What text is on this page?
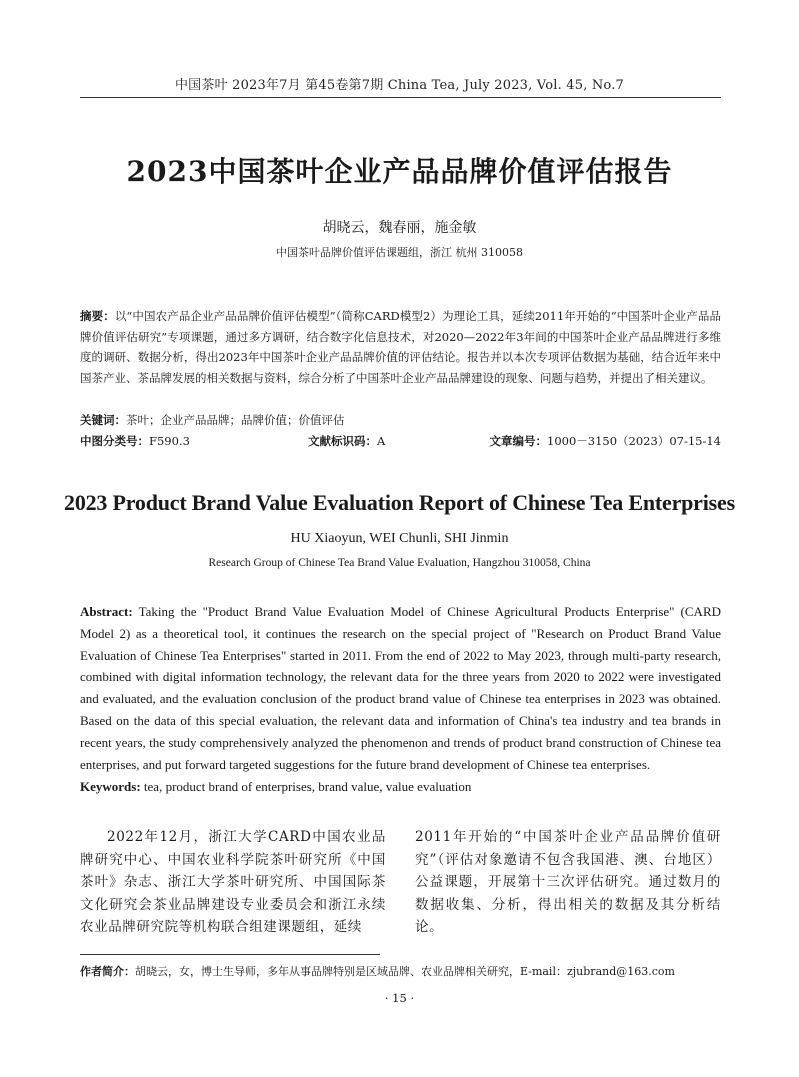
中国茶叶 2023年7月 第45卷第7期 China Tea, July 2023, Vol. 45, No.7
2023中国茶叶企业产品品牌价值评估报告
胡晓云，魏春丽，施金敏
中国茶叶品牌价值评估课题组，浙江 杭州 310058
摘要：以“中国农产品企业产品品牌价值评估模型”（简称CARD模型2）为理论工具，延续2011年开始的“中国茶叶企业产品品牌价值评估研究”专项课题，通过多方调研，结合数字化信息技术，对2020—2022年3年间的中国茶叶企业产品品牌进行多维度的调研、数据分析，得出2023年中国茶叶企业产品品牌价值的评估结论。报告并以本次专项评估数据为基础，结合近年来中国茶产业、茶品牌发展的相关数据与资料，综合分析了中国茶叶企业产品品牌建设的现象、问题与趋势，并提出了相关建议。
关键词：茶叶；企业产品品牌；品牌价值；价值评估
中图分类号：F590.3	文献标识码：A	文章编号：1000－3150（2023）07-15-14
2023 Product Brand Value Evaluation Report of Chinese Tea Enterprises
HU Xiaoyun, WEI Chunli, SHI Jinmin
Research Group of Chinese Tea Brand Value Evaluation, Hangzhou 310058, China
Abstract: Taking the "Product Brand Value Evaluation Model of Chinese Agricultural Products Enterprise" (CARD Model 2) as a theoretical tool, it continues the research on the special project of "Research on Product Brand Value Evaluation of Chinese Tea Enterprises" started in 2011. From the end of 2022 to May 2023, through multi-party research, combined with digital information technology, the relevant data for the three years from 2020 to 2022 were investigated and evaluated, and the evaluation conclusion of the product brand value of Chinese tea enterprises in 2023 was obtained. Based on the data of this special evaluation, the relevant data and information of China's tea industry and tea brands in recent years, the study comprehensively analyzed the phenomenon and trends of product brand construction of Chinese tea enterprises, and put forward targeted suggestions for the future brand development of Chinese tea enterprises.
Keywords: tea, product brand of enterprises, brand value, value evaluation
2022年12月，浙江大学CARD中国农业品牌研究中心、中国农业科学院茶叶研究所《中国茶叶》杂志、浙江大学茶叶研究所、中国国际茶文化研究会茶业品牌建设专业委员会和浙江永续农业品牌研究院等机构联合组建课题组，延续
2011年开始的“中国茶叶企业产品品牌价值研究”（评估对象邀请不包含我国港、澳、台地区）公益课题，开展第十三次评估研究。通过数月的数据收集、分析，得出相关的数据及其分析结论。
作者简介：胡晓云，女，博士生导师，多年从事品牌特别是区域品牌、农业品牌相关研究，E-mail：zjubrand@163.com
· 15 ·
